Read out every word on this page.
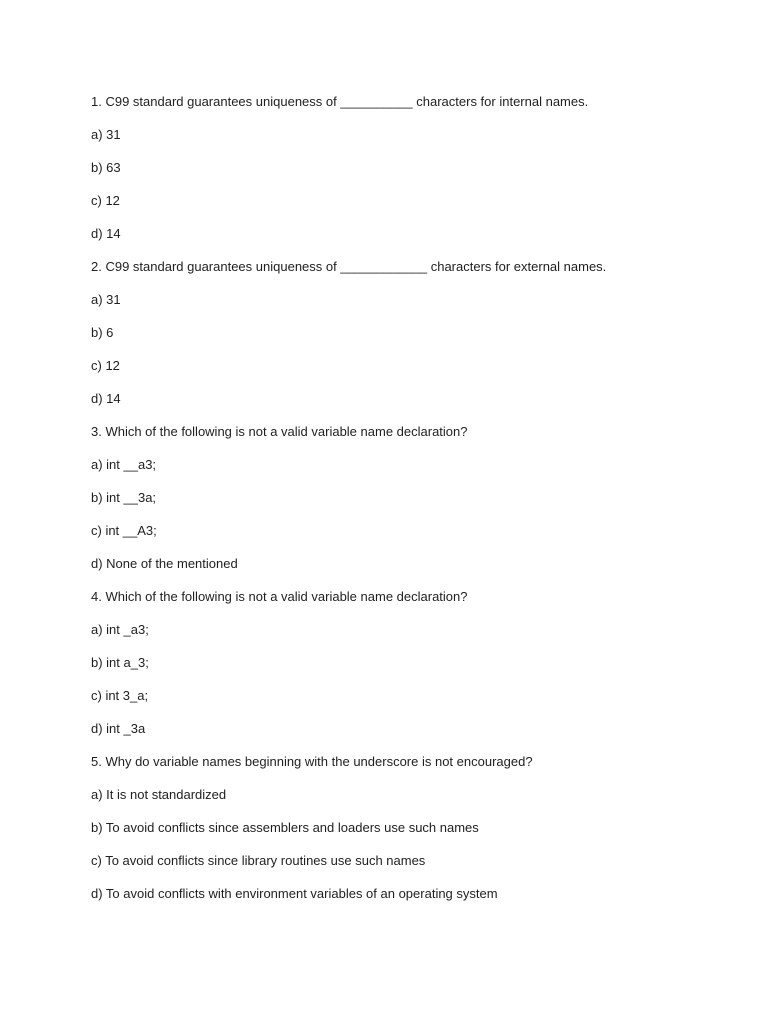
1. C99 standard guarantees uniqueness of __________ characters for internal names.

a) 31

b) 63

c) 12

d) 14

2. C99 standard guarantees uniqueness of ____________ characters for external names.

a) 31

b) 6

c) 12

d) 14

3. Which of the following is not a valid variable name declaration?

a) int __a3;

b) int __3a;

c) int __A3;

d) None of the mentioned

4. Which of the following is not a valid variable name declaration?

a) int _a3;

b) int a_3;

c) int 3_a;

d) int _3a

5. Why do variable names beginning with the underscore is not encouraged?

a) It is not standardized

b) To avoid conflicts since assemblers and loaders use such names

c) To avoid conflicts since library routines use such names

d) To avoid conflicts with environment variables of an operating system
